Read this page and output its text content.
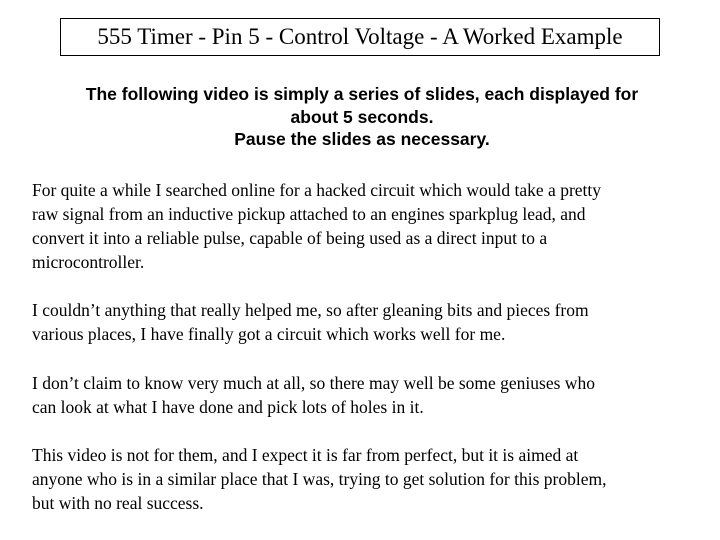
555 Timer - Pin 5 - Control Voltage - A Worked Example
The following video is simply a series of slides, each displayed for
about 5 seconds.
Pause the slides as necessary.
For quite a while I searched online for a hacked circuit which would take a pretty
raw signal from an inductive pickup attached to an engines sparkplug lead, and
convert it into a reliable pulse, capable of being used as a direct input to a
microcontroller.
I couldn’t anything that really helped me, so after gleaning bits and pieces from
various places, I have finally got a circuit which works well for me.
I don’t claim to know very much at all, so there may well be some geniuses who
can look at what I have done and pick lots of holes in it.
This video is not for them, and I expect it is far from perfect, but it is aimed at
anyone who is in a similar place that I was, trying to get solution for this problem,
but with no real success.
